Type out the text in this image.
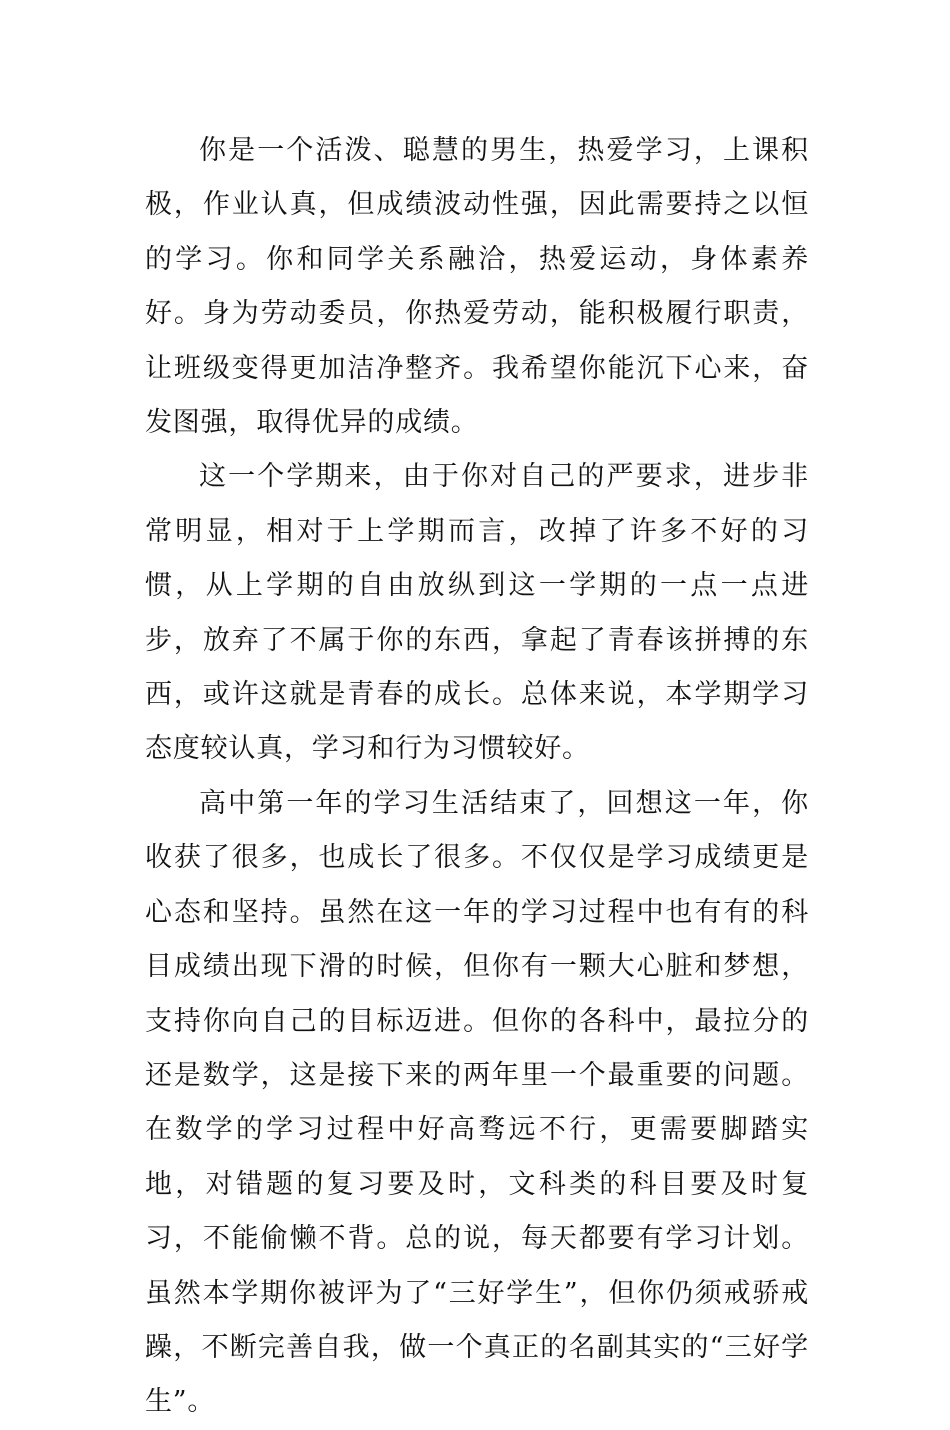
你是一个活泼、聪慧的男生，热爱学习，上课积极，作业认真，但成绩波动性强，因此需要持之以恒的学习。你和同学关系融洽，热爱运动，身体素养好。身为劳动委员，你热爱劳动，能积极履行职责，让班级变得更加洁净整齐。我希望你能沉下心来，奋发图强，取得优异的成绩。

这一个学期来，由于你对自己的严要求，进步非常明显，相对于上学期而言，改掉了许多不好的习惯，从上学期的自由放纵到这一学期的一点一点进步，放弃了不属于你的东西，拿起了青春该拼搏的东西，或许这就是青春的成长。总体来说，本学期学习态度较认真，学习和行为习惯较好。

高中第一年的学习生活结束了，回想这一年，你收获了很多，也成长了很多。不仅仅是学习成绩更是心态和坚持。虽然在这一年的学习过程中也有有的科目成绩出现下滑的时候，但你有一颗大心脏和梦想，支持你向自己的目标迈进。但你的各科中，最拉分的还是数学，这是接下来的两年里一个最重要的问题。在数学的学习过程中好高骛远不行，更需要脚踏实地，对错题的复习要及时，文科类的科目要及时复习，不能偷懒不背。总的说，每天都要有学习计划。虽然本学期你被评为了“三好学生”，但你仍须戒骄戒躁，不断完善自我，做一个真正的名副其实的“三好学生”。
